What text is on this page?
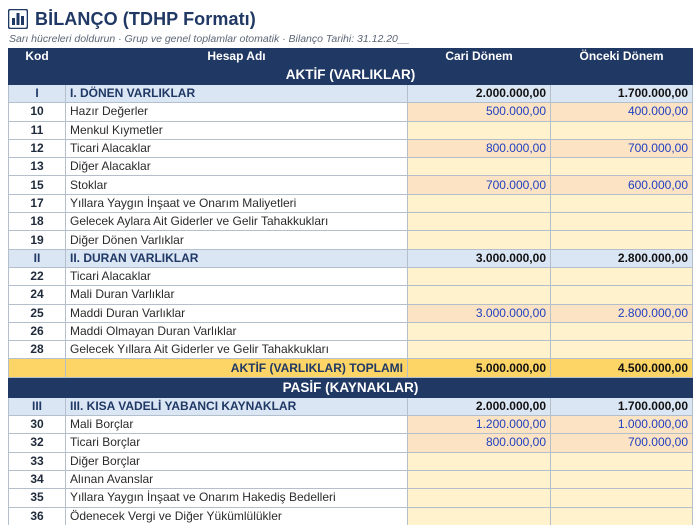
BİLANÇO (TDHP Formatı)
Sarı hücreleri doldurun · Grup ve genel toplamlar otomatik · Bilanço Tarihi: 31.12.20__
Kod	Hesap Adı	Cari Dönem	Önceki Dönem
AKTİF (VARLIKLAR)			
I	I. DÖNEN VARLIKLAR	2.000.000,00	1.700.000,00
10	Hazır Değerler	500.000,00	400.000,00
11	Menkul Kıymetler		
12	Ticari Alacaklar	800.000,00	700.000,00
13	Diğer Alacaklar		
15	Stoklar	700.000,00	600.000,00
17	Yıllara Yaygın İnşaat ve Onarım Maliyetleri		
18	Gelecek Aylara Ait Giderler ve Gelir Tahakkukları		
19	Diğer Dönen Varlıklar		
II	II. DURAN VARLIKLAR	3.000.000,00	2.800.000,00
22	Ticari Alacaklar		
24	Mali Duran Varlıklar		
25	Maddi Duran Varlıklar	3.000.000,00	2.800.000,00
26	Maddi Olmayan Duran Varlıklar		
28	Gelecek Yıllara Ait Giderler ve Gelir Tahakkukları		
	AKTİF (VARLIKLAR) TOPLAMI	5.000.000,00	4.500.000,00
PASİF (KAYNAKLAR)			
III	III. KISA VADELİ YABANCI KAYNAKLAR	2.000.000,00	1.700.000,00
30	Mali Borçlar	1.200.000,00	1.000.000,00
32	Ticari Borçlar	800.000,00	700.000,00
33	Diğer Borçlar		
34	Alınan Avanslar		
35	Yıllara Yaygın İnşaat ve Onarım Hakediş Bedelleri		
36	Ödenecek Vergi ve Diğer Yükümlülükler		
